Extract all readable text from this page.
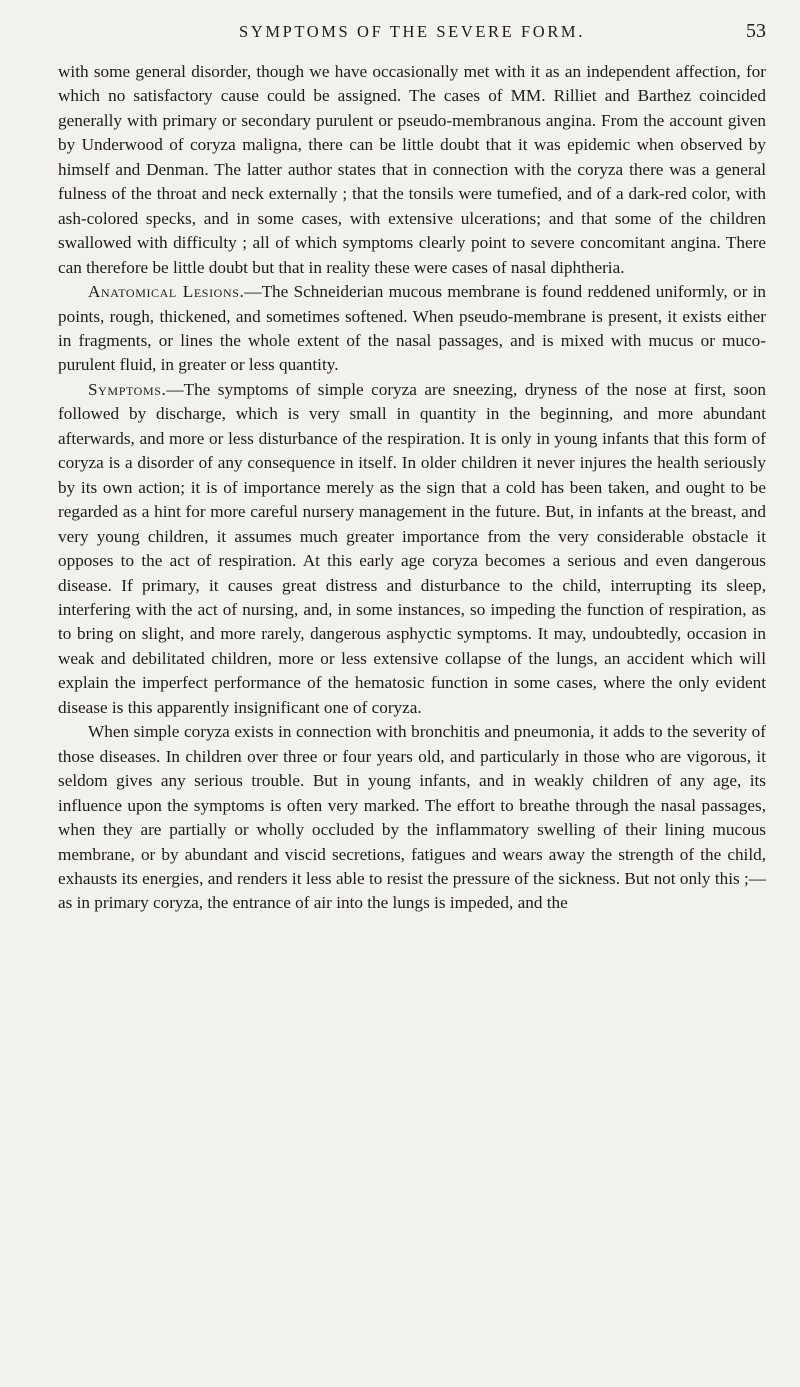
SYMPTOMS OF THE SEVERE FORM.	53

with some general disorder, though we have occasionally met with it as an independent affection, for which no satisfactory cause could be assigned. The cases of MM. Rilliet and Barthez coincided generally with primary or secondary purulent or pseudo-membranous angina. From the account given by Underwood of coryza maligna, there can be little doubt that it was epidemic when observed by himself and Denman. The latter author states that in connection with the coryza there was a general fulness of the throat and neck externally ; that the tonsils were tumefied, and of a dark-red color, with ash-colored specks, and in some cases, with extensive ulcerations; and that some of the children swallowed with difficulty ; all of which symptoms clearly point to severe concomitant angina. There can therefore be little doubt but that in reality these were cases of nasal diphtheria.

Anatomical Lesions.—The Schneiderian mucous membrane is found reddened uniformly, or in points, rough, thickened, and sometimes softened. When pseudo-membrane is present, it exists either in fragments, or lines the whole extent of the nasal passages, and is mixed with mucus or muco-purulent fluid, in greater or less quantity.

Symptoms.—The symptoms of simple coryza are sneezing, dryness of the nose at first, soon followed by discharge, which is very small in quantity in the beginning, and more abundant afterwards, and more or less disturbance of the respiration. It is only in young infants that this form of coryza is a disorder of any consequence in itself. In older children it never injures the health seriously by its own action; it is of importance merely as the sign that a cold has been taken, and ought to be regarded as a hint for more careful nursery management in the future. But, in infants at the breast, and very young children, it assumes much greater importance from the very considerable obstacle it opposes to the act of respiration. At this early age coryza becomes a serious and even dangerous disease. If primary, it causes great distress and disturbance to the child, interrupting its sleep, interfering with the act of nursing, and, in some instances, so impeding the function of respiration, as to bring on slight, and more rarely, dangerous asphyctic symptoms. It may, undoubtedly, occasion in weak and debilitated children, more or less extensive collapse of the lungs, an accident which will explain the imperfect performance of the hematosic function in some cases, where the only evident disease is this apparently insignificant one of coryza.

When simple coryza exists in connection with bronchitis and pneumonia, it adds to the severity of those diseases. In children over three or four years old, and particularly in those who are vigorous, it seldom gives any serious trouble. But in young infants, and in weakly children of any age, its influence upon the symptoms is often very marked. The effort to breathe through the nasal passages, when they are partially or wholly occluded by the inflammatory swelling of their lining mucous membrane, or by abundant and viscid secretions, fatigues and wears away the strength of the child, exhausts its energies, and renders it less able to resist the pressure of the sickness. But not only this ;—as in primary coryza, the entrance of air into the lungs is impeded, and the
